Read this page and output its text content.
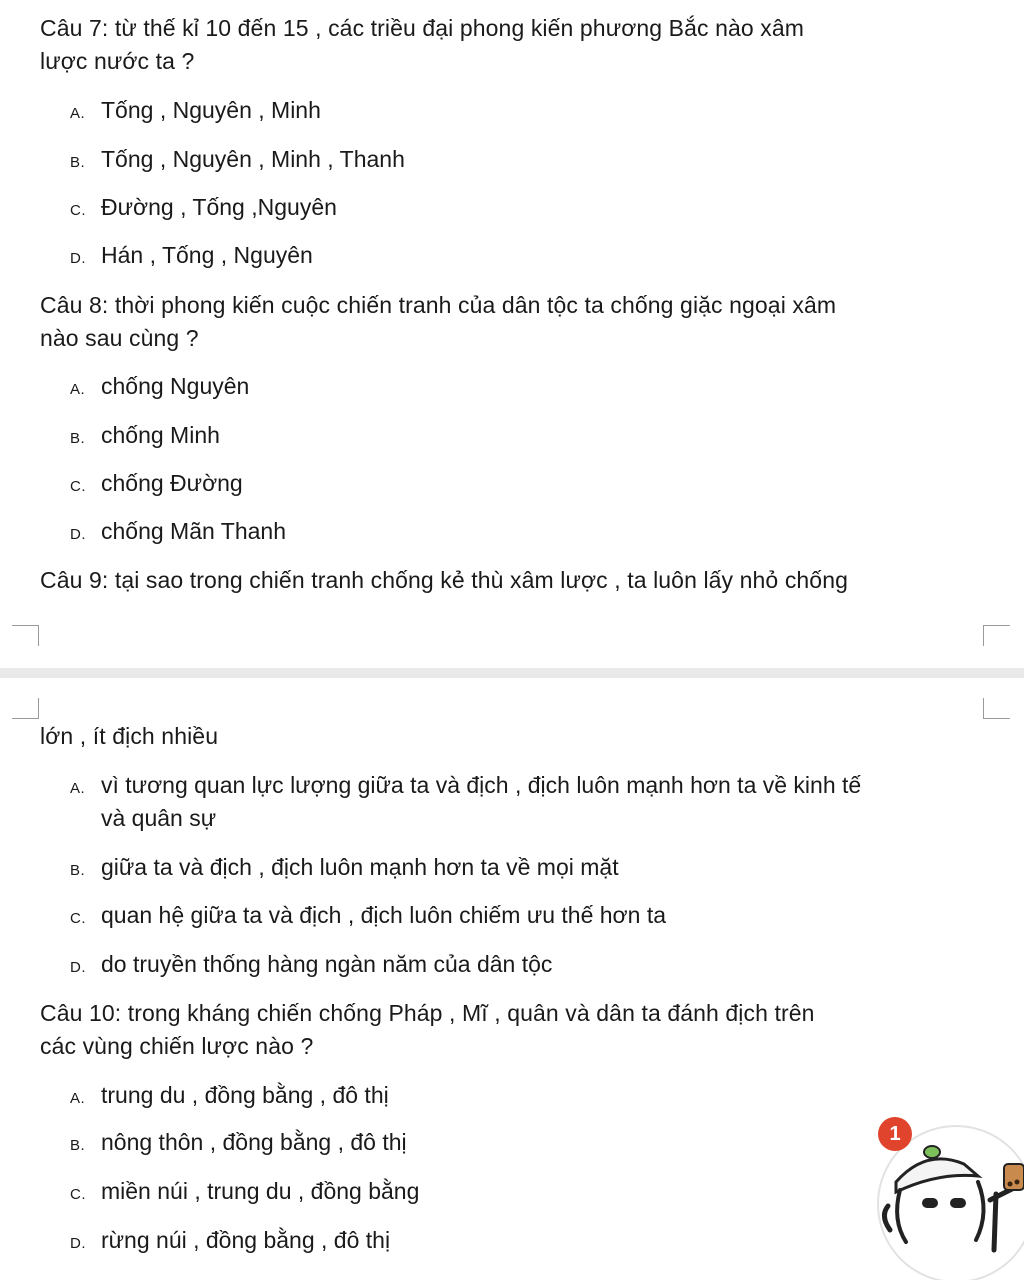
Câu 7: từ thế kỉ 10 đến 15 , các triều đại phong kiến phương Bắc nào xâm
lược nước ta ?
A. Tống , Nguyên , Minh
B. Tống , Nguyên , Minh , Thanh
C. Đường , Tống ,Nguyên
D. Hán , Tống , Nguyên
Câu 8: thời phong kiến cuộc chiến tranh của dân tộc ta chống giặc ngoại xâm
nào sau cùng ?
A. chống Nguyên
B. chống Minh
C. chống Đường
D. chống Mãn Thanh
Câu 9: tại sao trong chiến tranh chống kẻ thù xâm lược , ta luôn lấy nhỏ chống
lớn , ít địch nhiều
A. vì tương quan lực lượng giữa ta và địch , địch luôn mạnh hơn ta về kinh tế
và quân sự
B. giữa ta và địch , địch luôn mạnh hơn ta về mọi mặt
C. quan hệ giữa ta và địch , địch luôn chiếm ưu thế hơn ta
D. do truyền thống hàng ngàn năm của dân tộc
Câu 10: trong kháng chiến chống Pháp , Mĩ , quân và dân ta đánh địch trên
các vùng chiến lược nào ?
A. trung du , đồng bằng , đô thị
B. nông thôn , đồng bằng , đô thị
C. miền núi , trung du , đồng bằng
D. rừng núi , đồng bằng , đô thị
1
